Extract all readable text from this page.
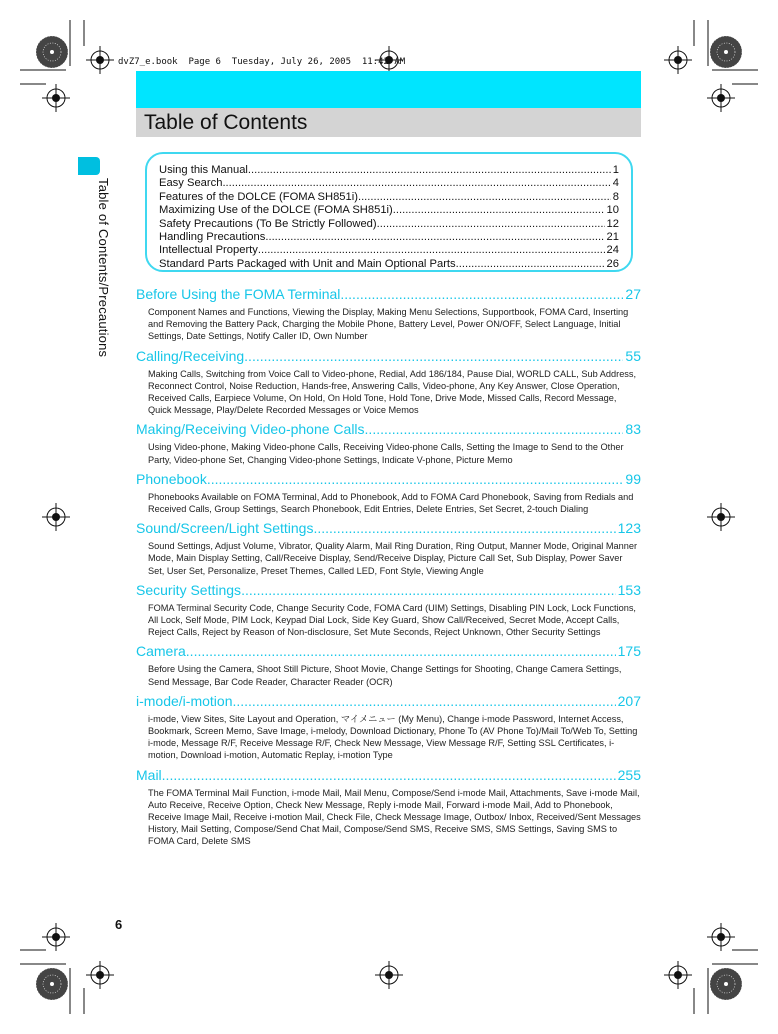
dvZ7_e.book  Page 6  Tuesday, July 26, 2005  11:42 AM
Table of Contents
Table of Contents/Precautions
Using this Manual .....	1
Easy Search .....	4
Features of the DOLCE (FOMA SH851i) .....	8
Maximizing Use of the DOLCE (FOMA SH851i) .....	10
Safety Precautions (To Be Strictly Followed) .....	12
Handling Precautions .....	21
Intellectual Property .....	24
Standard Parts Packaged with Unit and Main Optional Parts .....	26
Before Using the FOMA Terminal .....	27
Component Names and Functions, Viewing the Display, Making Menu Selections, Supportbook, FOMA Card, Inserting and Removing the Battery Pack, Charging the Mobile Phone, Battery Level, Power ON/OFF, Select Language, Initial Settings, Date Settings, Notify Caller ID, Own Number
Calling/Receiving .....	55
Making Calls, Switching from Voice Call to Video-phone, Redial, Add 186/184, Pause Dial, WORLD CALL, Sub Address, Reconnect Control, Noise Reduction, Hands-free, Answering Calls, Video-phone, Any Key Answer, Close Operation, Received Calls, Earpiece Volume, On Hold, On Hold Tone, Hold Tone, Drive Mode, Missed Calls, Record Message, Quick Message, Play/Delete Recorded Messages or Voice Memos
Making/Receiving Video-phone Calls .....	83
Using Video-phone, Making Video-phone Calls, Receiving Video-phone Calls, Setting the Image to Send to the Other Party, Video-phone Set, Changing Video-phone Settings, Indicate V-phone, Picture Memo
Phonebook .....	99
Phonebooks Available on FOMA Terminal, Add to Phonebook, Add to FOMA Card Phonebook, Saving from Redials and Received Calls, Group Settings, Search Phonebook, Edit Entries, Delete Entries, Set Secret, 2-touch Dialing
Sound/Screen/Light Settings .....	123
Sound Settings, Adjust Volume, Vibrator, Quality Alarm, Mail Ring Duration, Ring Output, Manner Mode, Original Manner Mode, Main Display Setting, Call/Receive Display, Send/Receive Display, Picture Call Set, Sub Display, Power Saver Set, User Set, Personalize, Preset Themes, Called LED, Font Style, Viewing Angle
Security Settings .....	153
FOMA Terminal Security Code, Change Security Code, FOMA Card (UIM) Settings, Disabling PIN Lock, Lock Functions, All Lock, Self Mode, PIM Lock, Keypad Dial Lock, Side Key Guard, Show Call/Received, Secret Mode, Accept Calls, Reject Calls, Reject by Reason of Non-disclosure, Set Mute Seconds, Reject Unknown, Other Security Settings
Camera .....	175
Before Using the Camera, Shoot Still Picture, Shoot Movie, Change Settings for Shooting, Change Camera Settings, Send Message, Bar Code Reader, Character Reader (OCR)
i-mode/i-motion .....	207
i-mode, View Sites, Site Layout and Operation, マイメニュー (My Menu), Change i-mode Password, Internet Access, Bookmark, Screen Memo, Save Image, i-melody, Download Dictionary, Phone To (AV Phone To)/Mail To/Web To, Setting i-mode, Message R/F, Receive Message R/F, Check New Message, View Message R/F, Setting SSL Certificates, i-motion, Download i-motion, Automatic Replay, i-motion Type
Mail .....	255
The FOMA Terminal Mail Function, i-mode Mail, Mail Menu, Compose/Send i-mode Mail, Attachments, Save i-mode Mail, Auto Receive, Receive Option, Check New Message, Reply i-mode Mail, Forward i-mode Mail, Add to Phonebook, Receive Image Mail, Receive i-motion Mail, Check File, Check Message Image, Outbox/ Inbox, Received/Sent Messages History, Mail Setting, Compose/Send Chat Mail, Compose/Send SMS, Receive SMS, SMS Settings, Saving SMS to FOMA Card, Delete SMS
6
